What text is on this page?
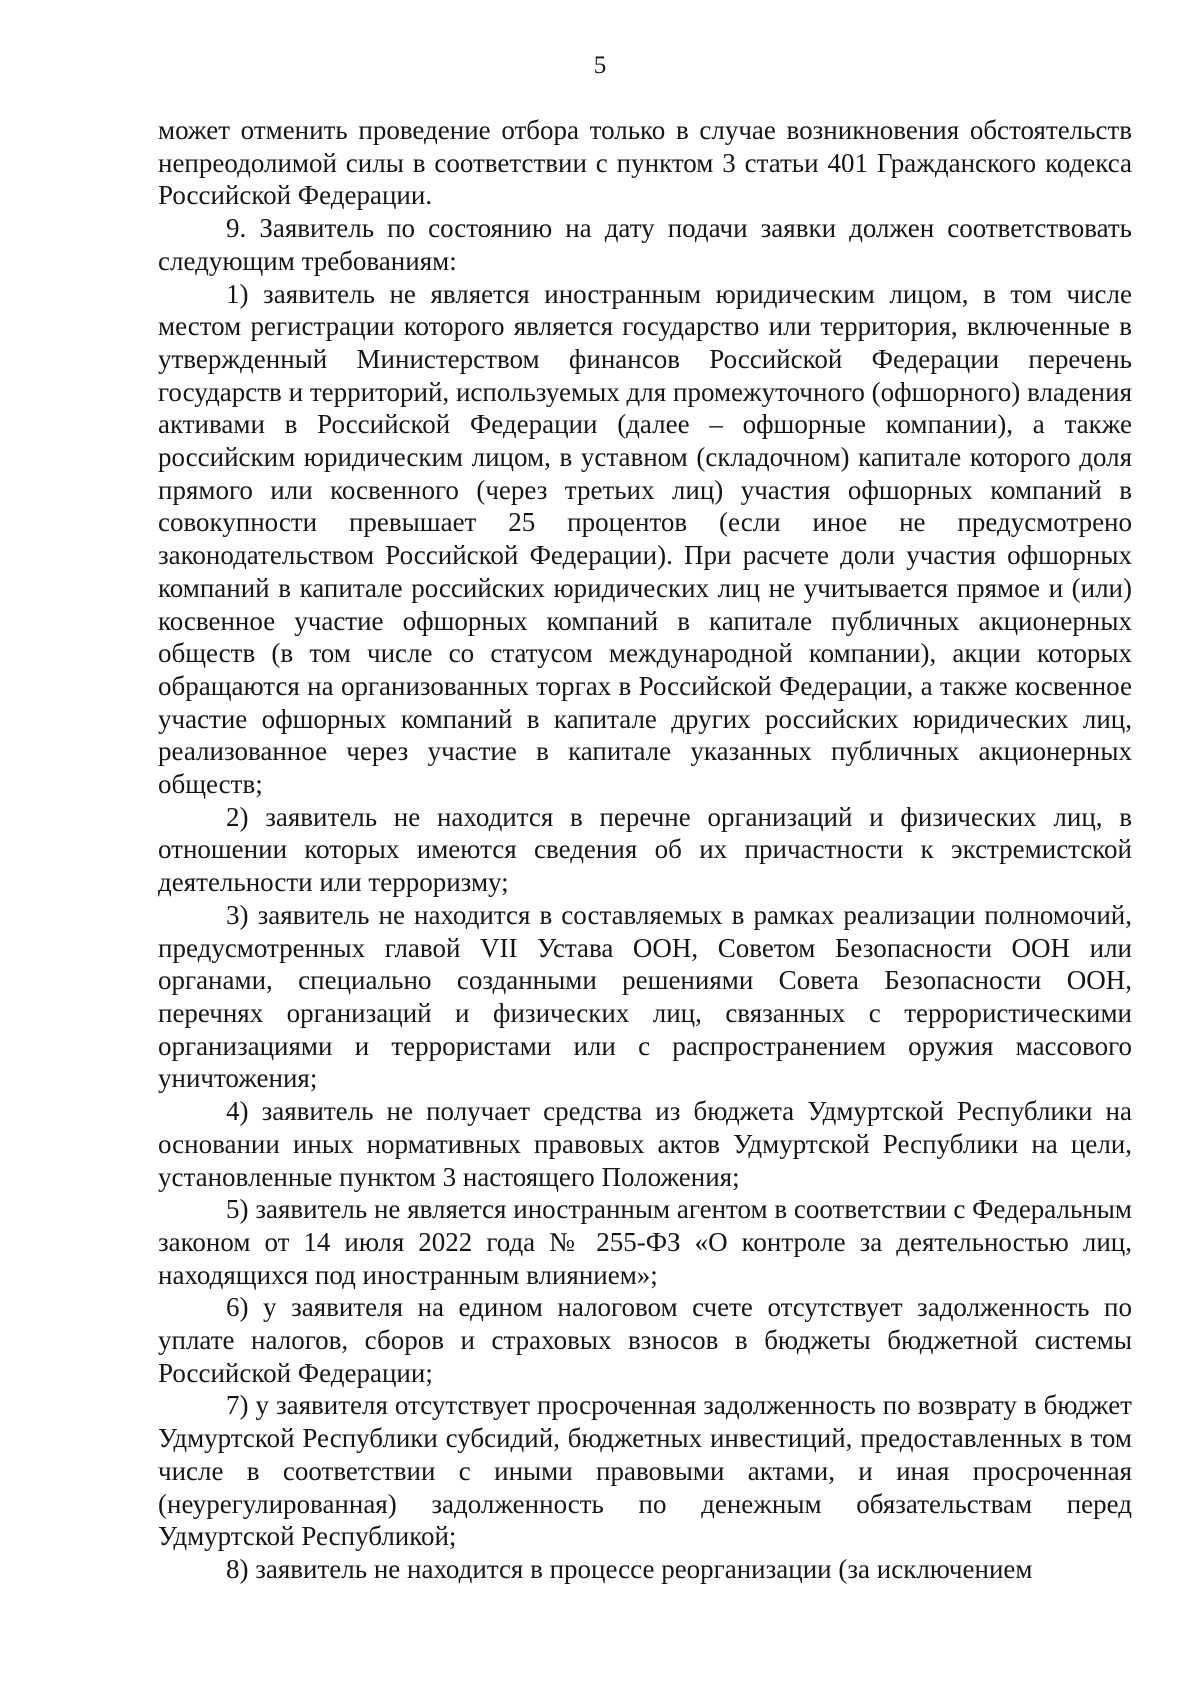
5

может отменить проведение отбора только в случае возникновения обстоятельств непреодолимой силы в соответствии с пунктом 3 статьи 401 Гражданского кодекса Российской Федерации.

9. Заявитель по состоянию на дату подачи заявки должен соответствовать следующим требованиям:

1) заявитель не является иностранным юридическим лицом, в том числе местом регистрации которого является государство или территория, включенные в утвержденный Министерством финансов Российской Федерации перечень государств и территорий, используемых для промежуточного (офшорного) владения активами в Российской Федерации (далее – офшорные компании), а также российским юридическим лицом, в уставном (складочном) капитале которого доля прямого или косвенного (через третьих лиц) участия офшорных компаний в совокупности превышает 25 процентов (если иное не предусмотрено законодательством Российской Федерации). При расчете доли участия офшорных компаний в капитале российских юридических лиц не учитывается прямое и (или) косвенное участие офшорных компаний в капитале публичных акционерных обществ (в том числе со статусом международной компании), акции которых обращаются на организованных торгах в Российской Федерации, а также косвенное участие офшорных компаний в капитале других российских юридических лиц, реализованное через участие в капитале указанных публичных акционерных обществ;

2) заявитель не находится в перечне организаций и физических лиц, в отношении которых имеются сведения об их причастности к экстремистской деятельности или терроризму;

3) заявитель не находится в составляемых в рамках реализации полномочий, предусмотренных главой VII Устава ООН, Советом Безопасности ООН или органами, специально созданными решениями Совета Безопасности ООН, перечнях организаций и физических лиц, связанных с террористическими организациями и террористами или с распространением оружия массового уничтожения;

4) заявитель не получает средства из бюджета Удмуртской Республики на основании иных нормативных правовых актов Удмуртской Республики на цели, установленные пунктом 3 настоящего Положения;

5) заявитель не является иностранным агентом в соответствии с Федеральным законом от 14 июля 2022 года № 255-ФЗ «О контроле за деятельностью лиц, находящихся под иностранным влиянием»;

6) у заявителя на едином налоговом счете отсутствует задолженность по уплате налогов, сборов и страховых взносов в бюджеты бюджетной системы Российской Федерации;

7) у заявителя отсутствует просроченная задолженность по возврату в бюджет Удмуртской Республики субсидий, бюджетных инвестиций, предоставленных в том числе в соответствии с иными правовыми актами, и иная просроченная (неурегулированная) задолженность по денежным обязательствам перед Удмуртской Республикой;

8) заявитель не находится в процессе реорганизации (за исключением
